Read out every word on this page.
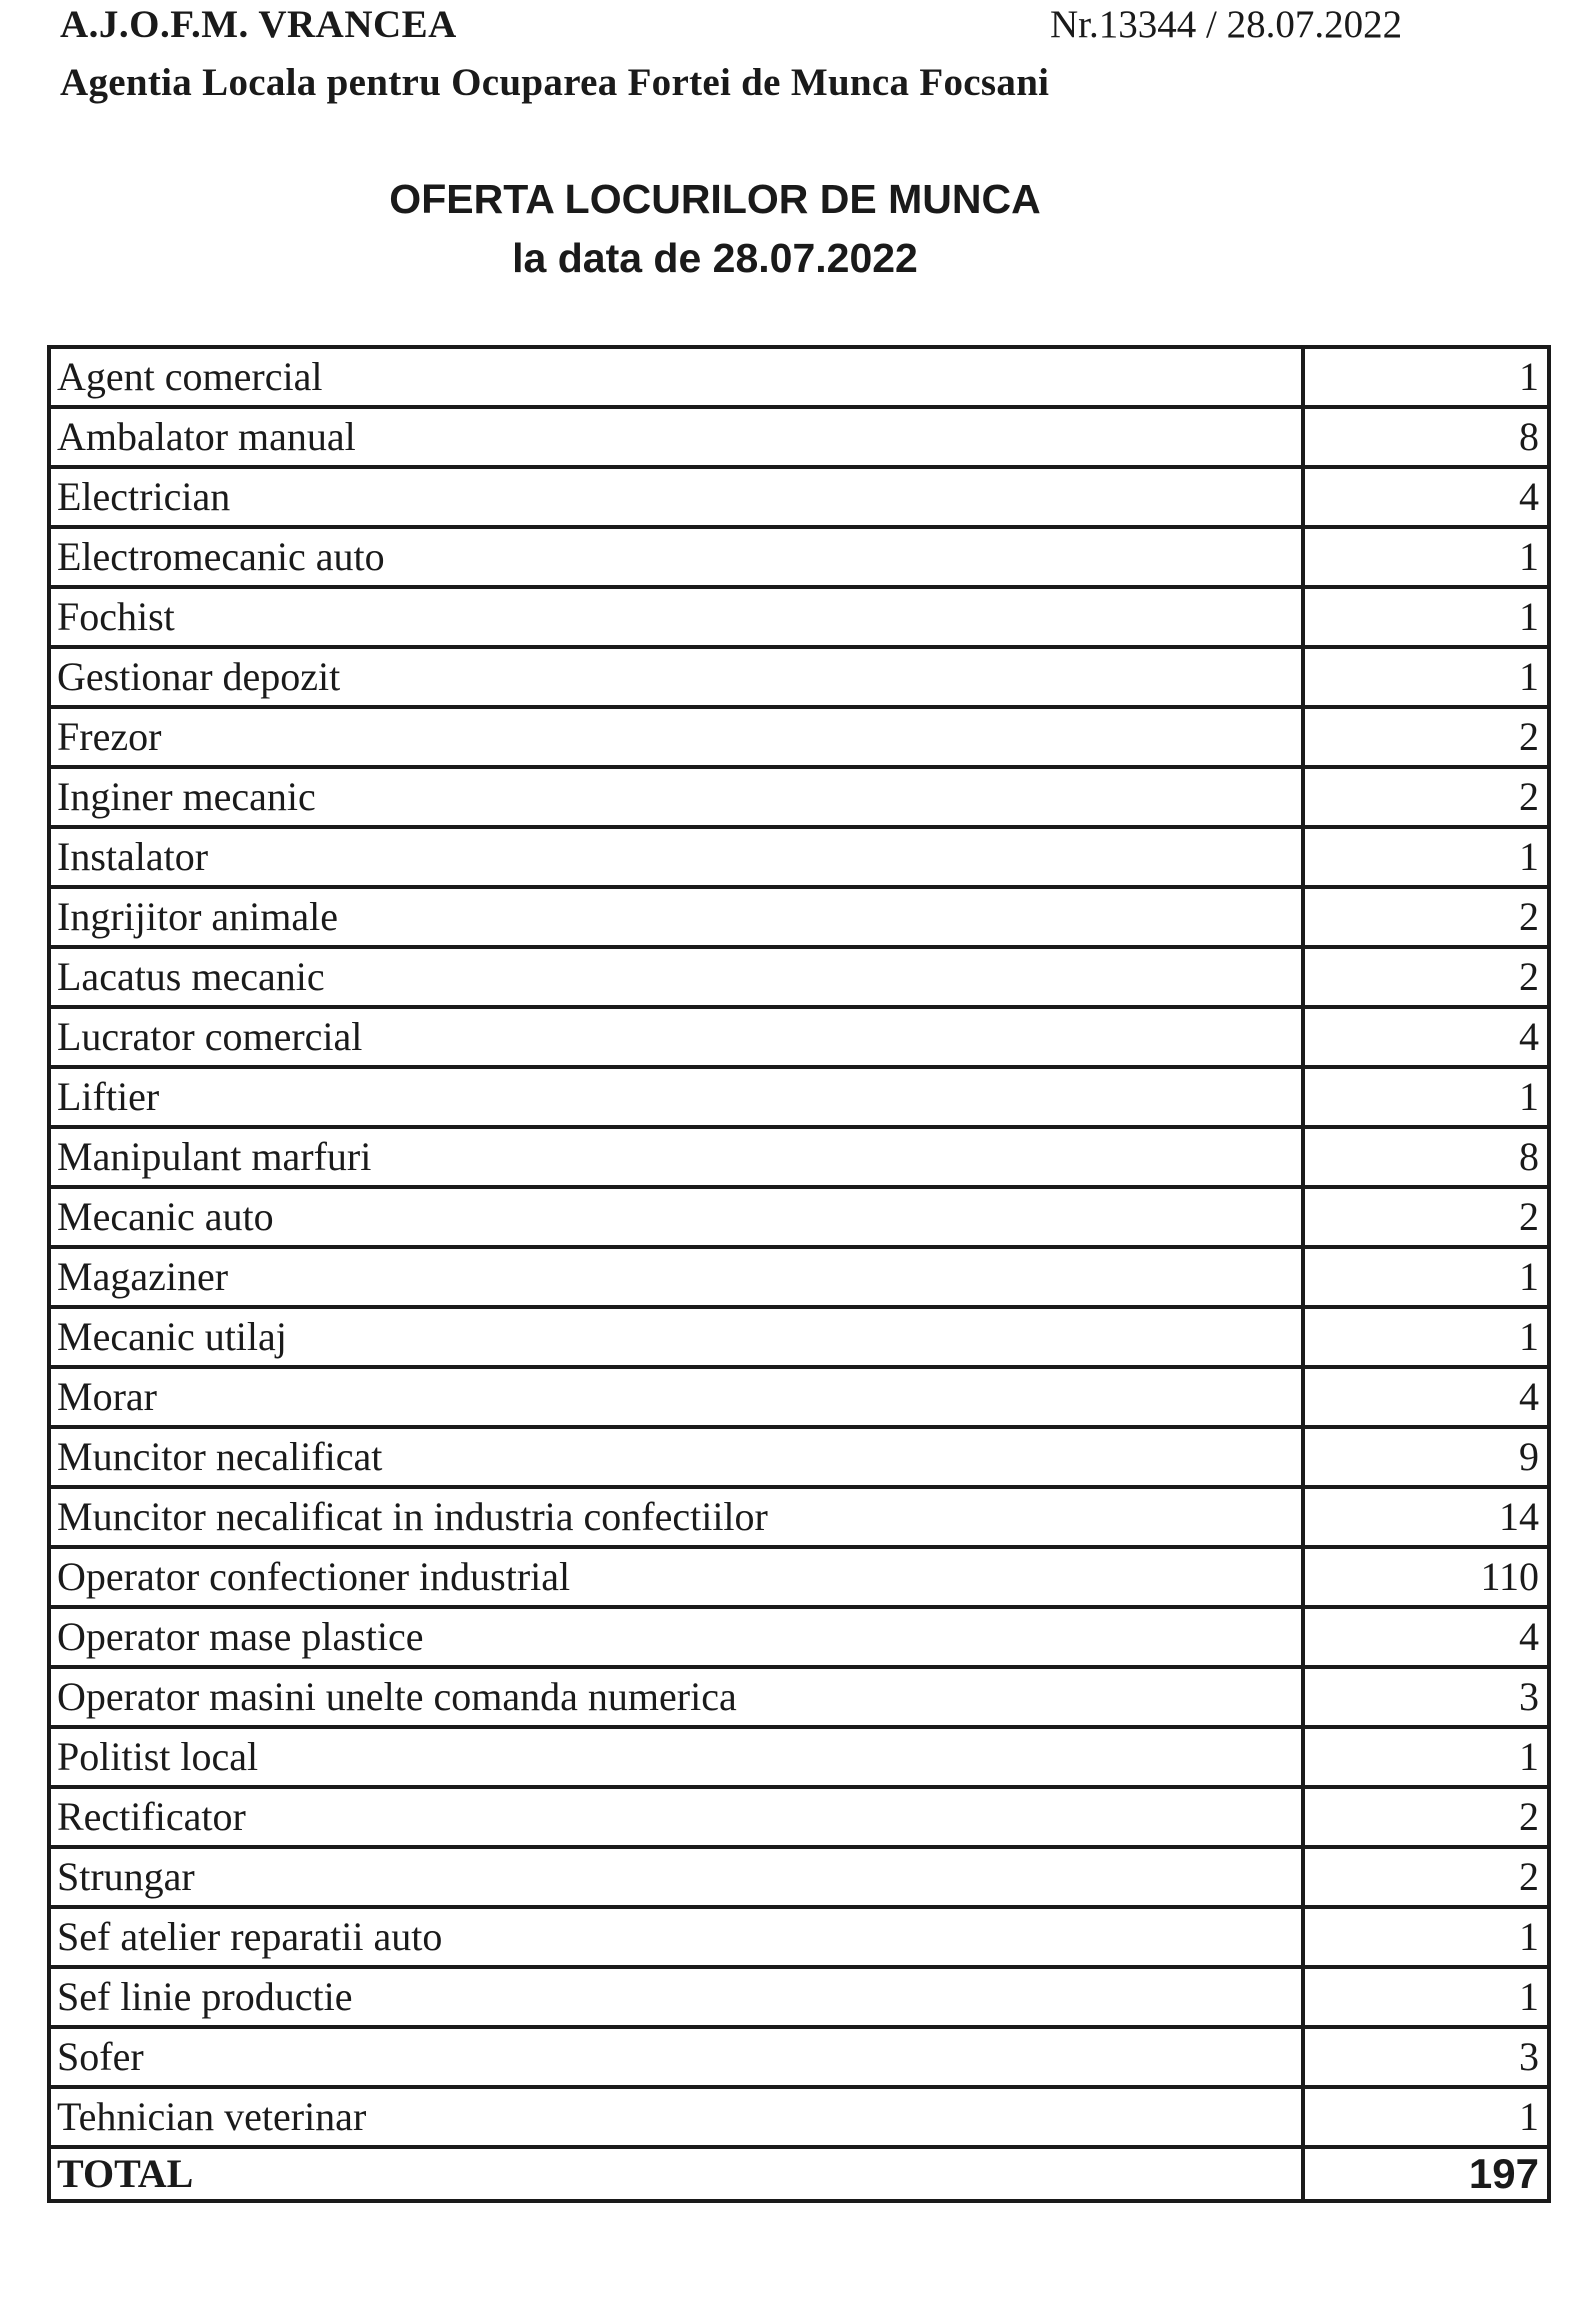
A.J.O.F.M. VRANCEA	Nr.13344 / 28.07.2022
Agentia Locala pentru Ocuparea Fortei de Munca Focsani
OFERTA LOCURILOR DE MUNCA
la data de 28.07.2022
Agent comercial	1
Ambalator manual	8
Electrician	4
Electromecanic auto	1
Fochist	1
Gestionar depozit	1
Frezor	2
Inginer mecanic	2
Instalator	1
Ingrijitor animale	2
Lacatus mecanic	2
Lucrator comercial	4
Liftier	1
Manipulant marfuri	8
Mecanic auto	2
Magaziner	1
Mecanic utilaj	1
Morar	4
Muncitor necalificat	9
Muncitor necalificat in industria confectiilor	14
Operator confectioner industrial	110
Operator mase plastice	4
Operator masini unelte comanda numerica	3
Politist local	1
Rectificator	2
Strungar	2
Sef atelier reparatii auto	1
Sef linie productie	1
Sofer	3
Tehnician veterinar	1
TOTAL	197
